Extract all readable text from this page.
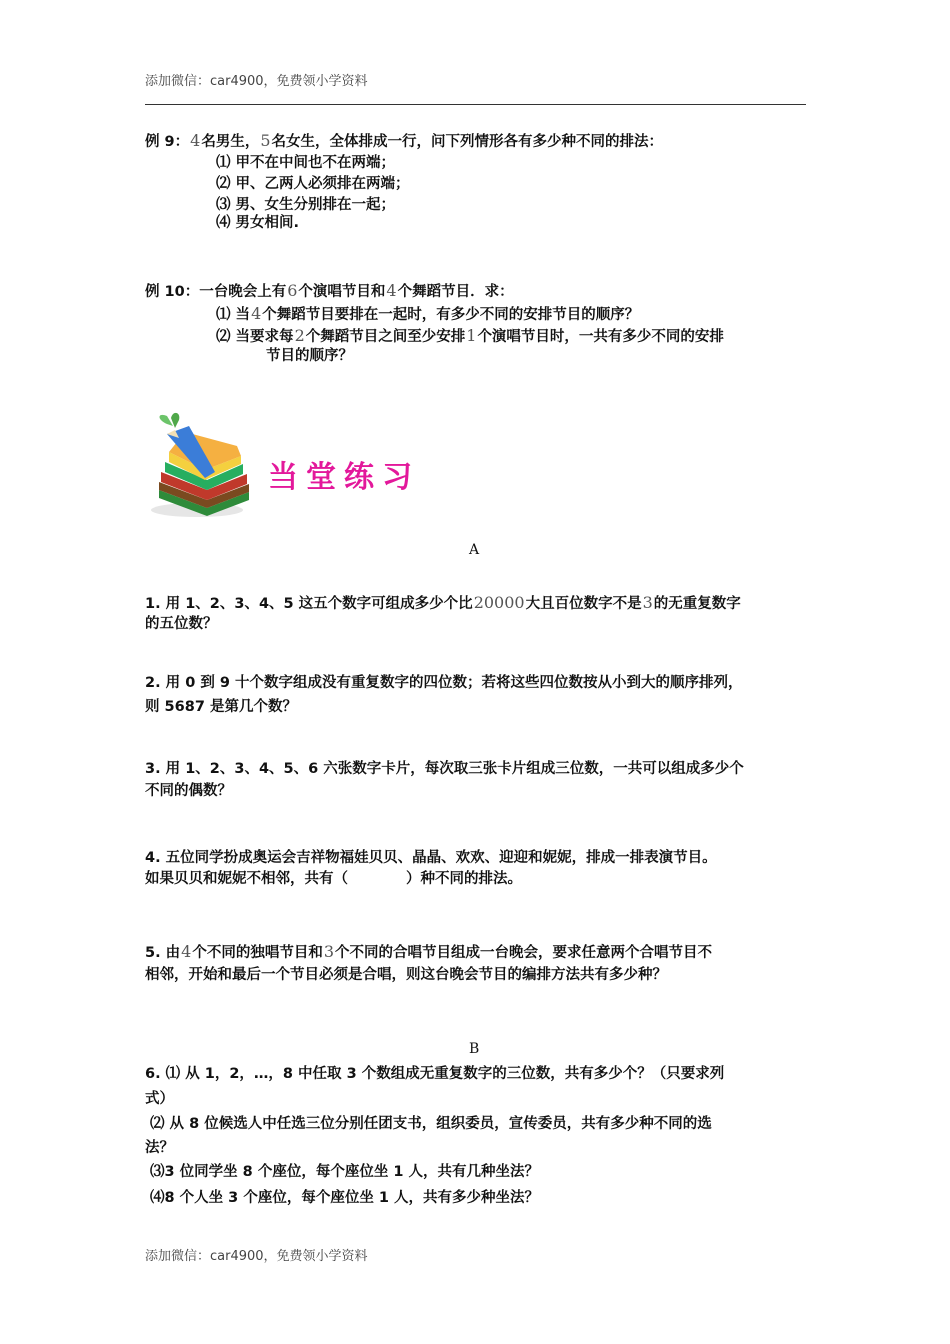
添加微信：car4900，免费领小学资料
例 9：4名男生，5名女生，全体排成一行，问下列情形各有多少种不同的排法：
⑴ 甲不在中间也不在两端；
⑵ 甲、乙两人必须排在两端；
⑶ 男、女生分别排在一起；
⑷ 男女相间.
例 10：一台晚会上有6个演唱节目和4个舞蹈节目．求：
⑴ 当4个舞蹈节目要排在一起时，有多少不同的安排节目的顺序？
⑵ 当要求每2个舞蹈节目之间至少安排1个演唱节目时，一共有多少不同的安排
节目的顺序？
当堂练习
A
1. 用 1、2、3、4、5 这五个数字可组成多少个比20000大且百位数字不是3的无重复数字
的五位数？
2. 用 0 到 9 十个数字组成没有重复数字的四位数；若将这些四位数按从小到大的顺序排列，
则 5687 是第几个数？
3. 用 1、2、3、4、5、6 六张数字卡片，每次取三张卡片组成三位数，一共可以组成多少个
不同的偶数？
4. 五位同学扮成奥运会吉祥物福娃贝贝、晶晶、欢欢、迎迎和妮妮，排成一排表演节目。
如果贝贝和妮妮不相邻，共有（　　　　）种不同的排法。
5. 由4个不同的独唱节目和3个不同的合唱节目组成一台晚会，要求任意两个合唱节目不
相邻，开始和最后一个节目必须是合唱，则这台晚会节目的编排方法共有多少种？
B
6. ⑴ 从 1，2，…，8 中任取 3 个数组成无重复数字的三位数，共有多少个？（只要求列
式）
⑵ 从 8 位候选人中任选三位分别任团支书，组织委员，宣传委员，共有多少种不同的选
法？
⑶3 位同学坐 8 个座位，每个座位坐 1 人，共有几种坐法？
⑷8 个人坐 3 个座位，每个座位坐 1 人，共有多少种坐法？
添加微信：car4900，免费领小学资料
